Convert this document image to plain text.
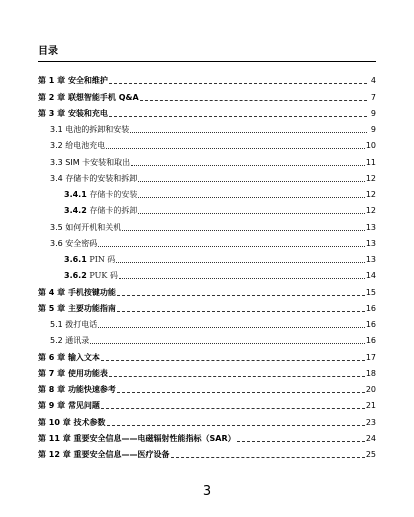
目录
第 1 章 安全和维护	4
第 2 章 联想智能手机 Q&A	7
第 3 章 安装和充电	9
3.1 电池的拆卸和安装	9
3.2 给电池充电	10
3.3 SIM 卡安装和取出	11
3.4 存储卡的安装和拆卸	12
3.4.1 存储卡的安装	12
3.4.2 存储卡的拆卸	12
3.5 如何开机和关机	13
3.6 安全密码	13
3.6.1 PIN 码	13
3.6.2 PUK 码	14
第 4 章 手机按键功能	15
第 5 章 主要功能指南	16
5.1 拨打电话	16
5.2 通讯录	16
第 6 章 输入文本	17
第 7 章 使用功能表	18
第 8 章 功能快速参考	20
第 9 章 常见问题	21
第 10 章 技术参数	23
第 11 章 重要安全信息——电磁辐射性能指标（SAR）	24
第 12 章 重要安全信息——医疗设备	25
3
